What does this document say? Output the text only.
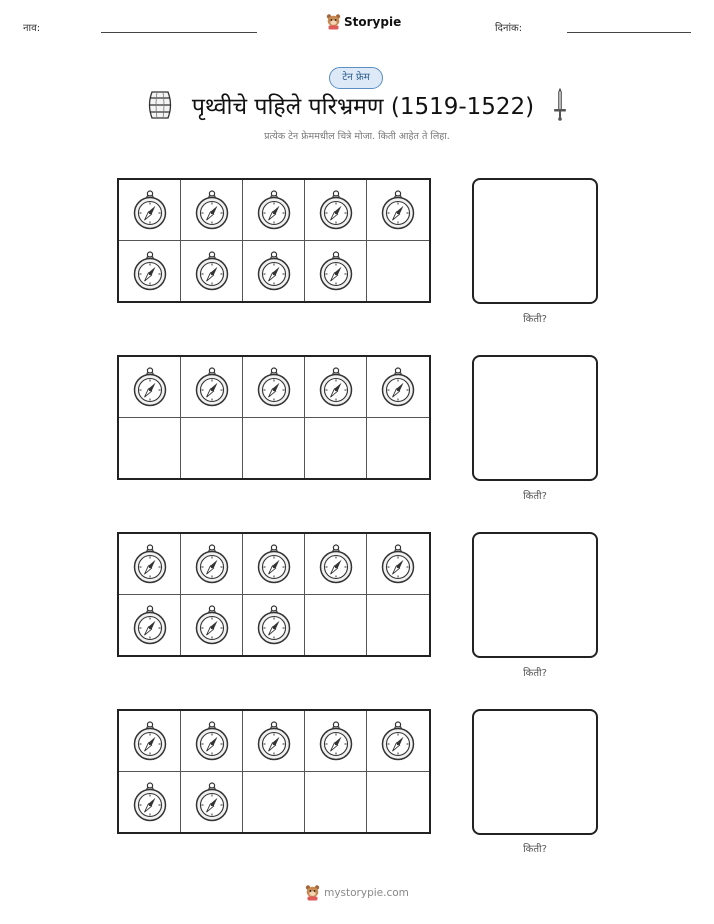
नाव:	Storypie	दिनांक:
टेन फ्रेम
पृथ्वीचे पहिले परिभ्रमण (1519-1522)
प्रत्येक टेन फ्रेममधील चित्रे मोजा. किती आहेत ते लिहा.
किती?
किती?
किती?
किती?
mystorypie.com
